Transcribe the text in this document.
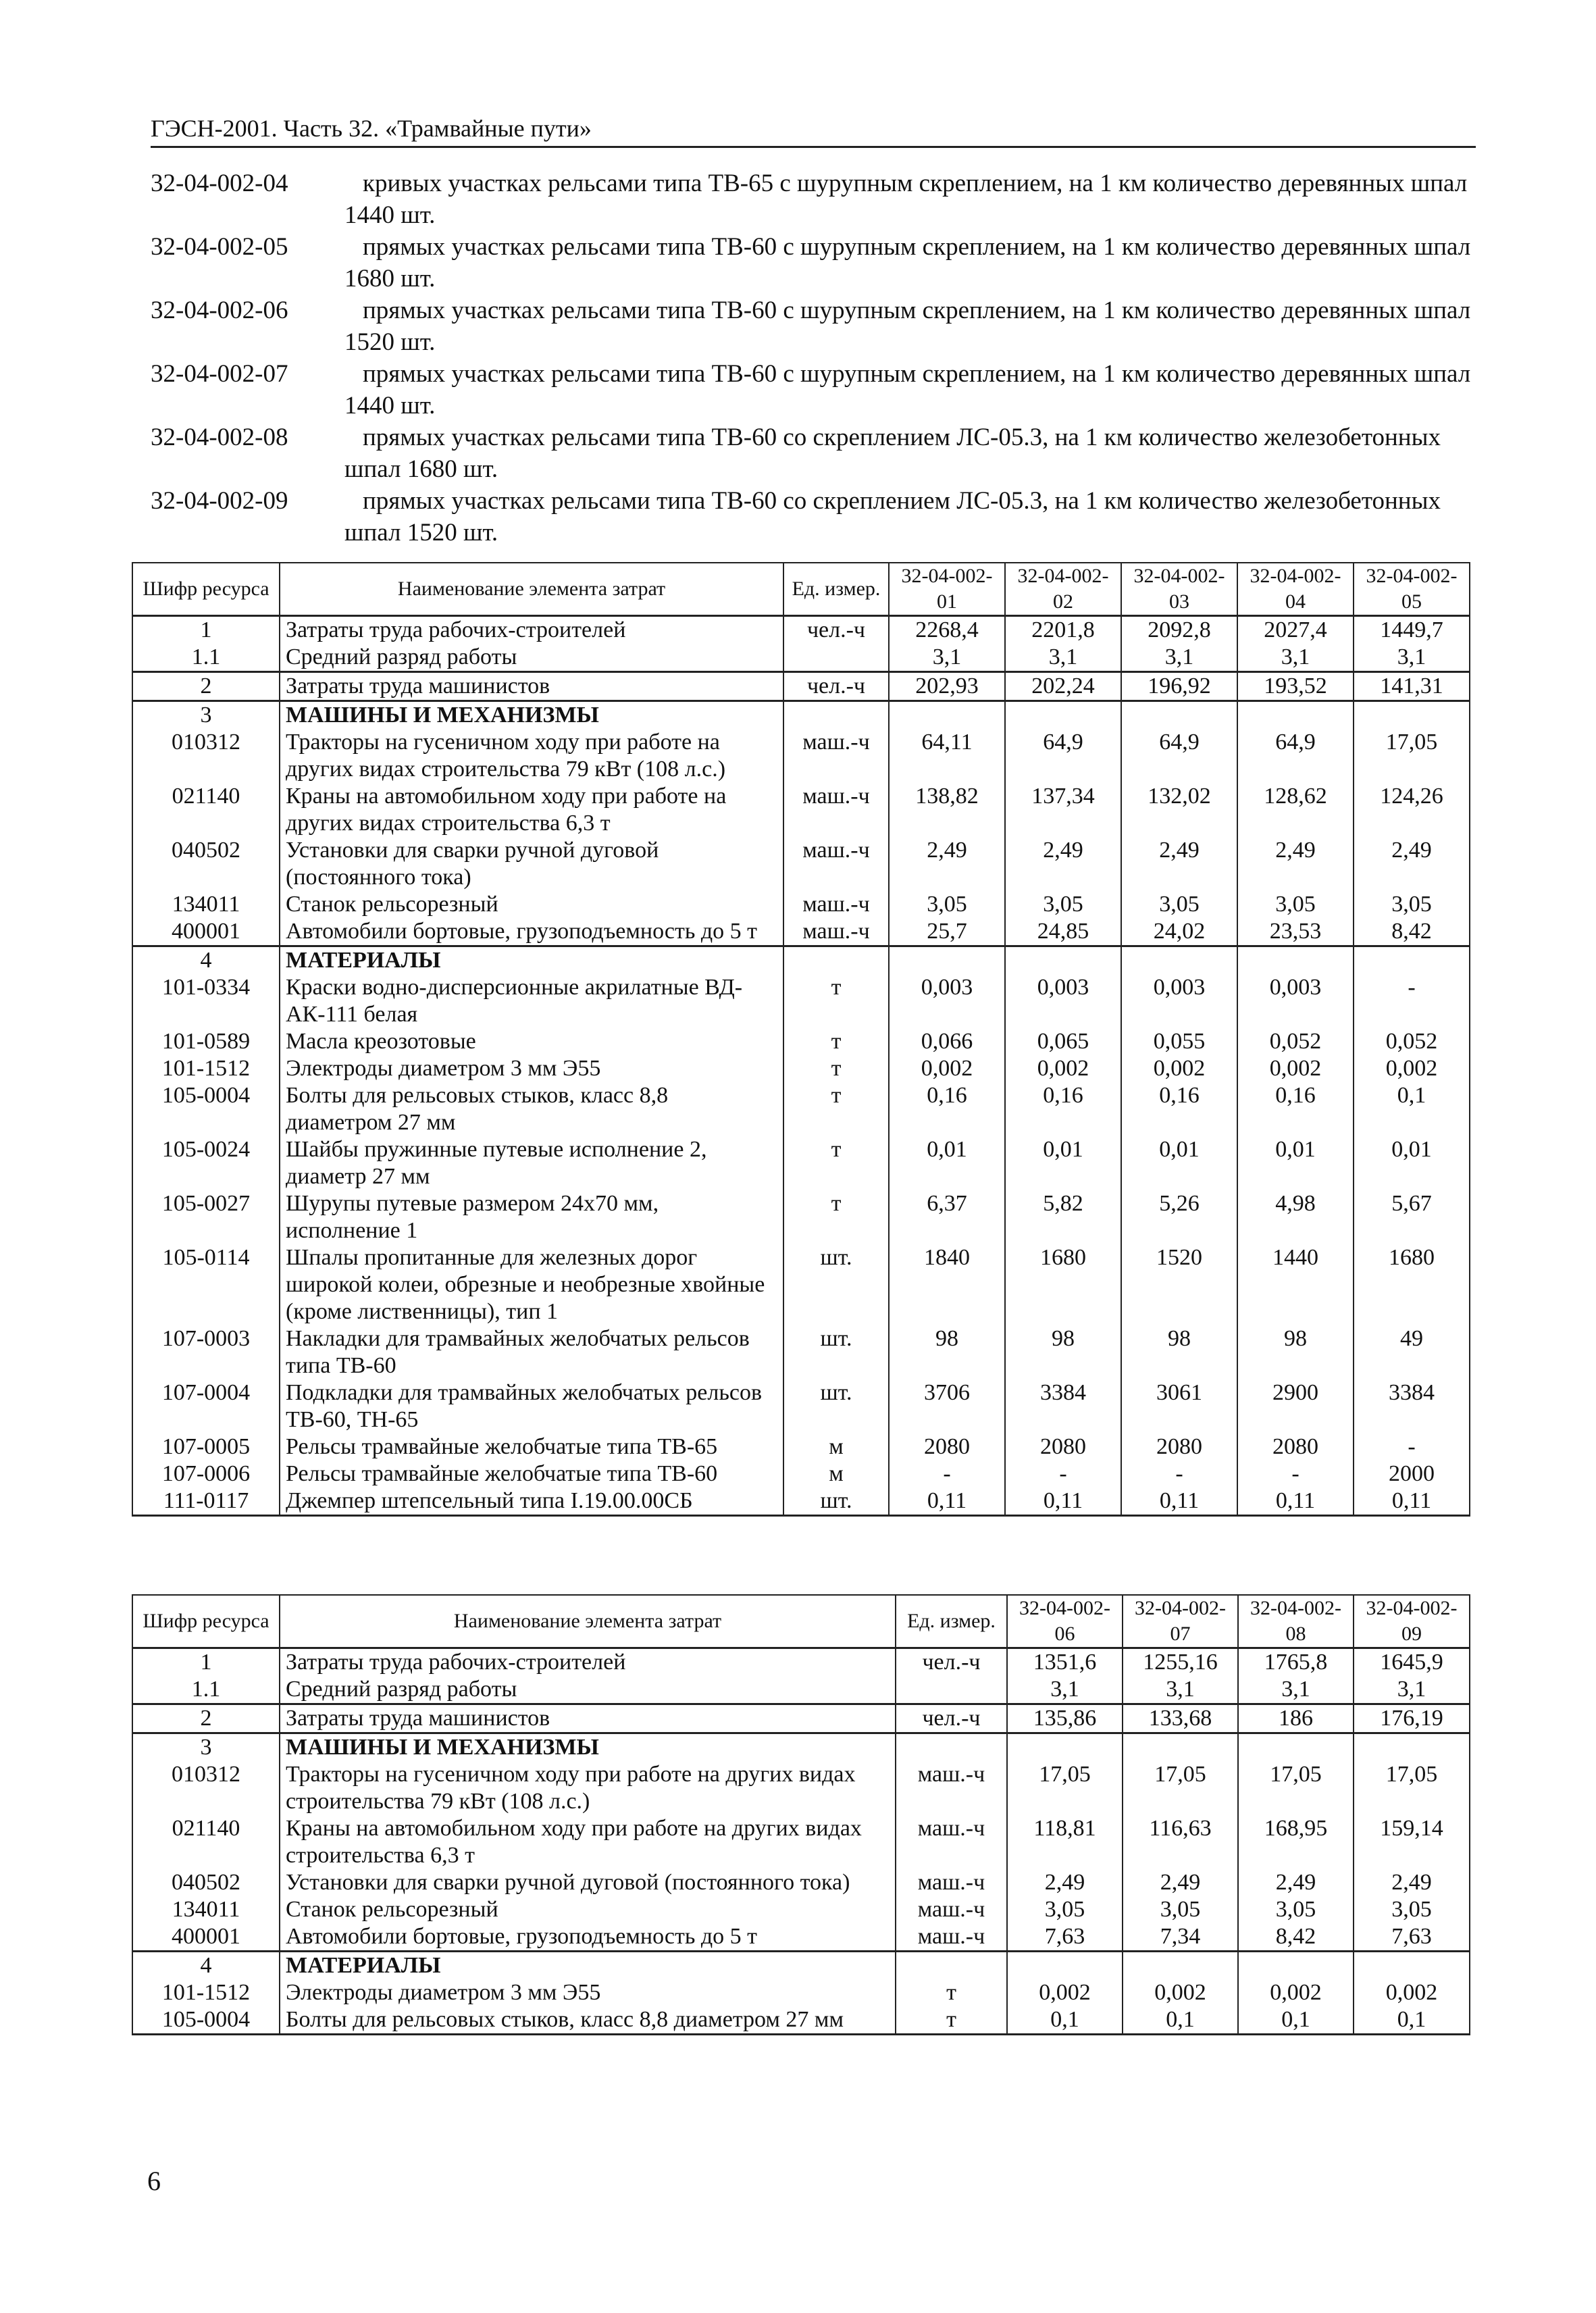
ГЭСН-2001. Часть 32. «Трамвайные пути»
32-04-002-04	кривых участках рельсами типа ТВ-65 с шурупным скреплением, на 1 км количество деревянных шпал 1440 шт.
32-04-002-05	прямых участках рельсами типа ТВ-60 с шурупным скреплением, на 1 км количество деревянных шпал 1680 шт.
32-04-002-06	прямых участках рельсами типа ТВ-60 с шурупным скреплением, на 1 км количество деревянных шпал 1520 шт.
32-04-002-07	прямых участках рельсами типа ТВ-60 с шурупным скреплением, на 1 км количество деревянных шпал 1440 шт.
32-04-002-08	прямых участках рельсами типа ТВ-60 со скреплением ЛС-05.3, на 1 км количество железобетонных шпал 1680 шт.
32-04-002-09	прямых участках рельсами типа ТВ-60 со скреплением ЛС-05.3, на 1 км количество железобетонных шпал 1520 шт.
Шифр ресурса	Наименование элемента затрат	Ед. измер.	32-04-002-01	32-04-002-02	32-04-002-03	32-04-002-04	32-04-002-05
1	Затраты труда рабочих-строителей	чел.-ч	2268,4	2201,8	2092,8	2027,4	1449,7
1.1	Средний разряд работы		3,1	3,1	3,1	3,1	3,1
2	Затраты труда машинистов	чел.-ч	202,93	202,24	196,92	193,52	141,31
3	МАШИНЫ И МЕХАНИЗМЫ						
010312	Тракторы на гусеничном ходу при работе на других видах строительства 79 кВт (108 л.с.)	маш.-ч	64,11	64,9	64,9	64,9	17,05
021140	Краны на автомобильном ходу при работе на других видах строительства 6,3 т	маш.-ч	138,82	137,34	132,02	128,62	124,26
040502	Установки для сварки ручной дуговой (постоянного тока)	маш.-ч	2,49	2,49	2,49	2,49	2,49
134011	Станок рельсорезный	маш.-ч	3,05	3,05	3,05	3,05	3,05
400001	Автомобили бортовые, грузоподъемность до 5 т	маш.-ч	25,7	24,85	24,02	23,53	8,42
4	МАТЕРИАЛЫ						
101-0334	Краски водно-дисперсионные акрилатные ВД-АК-111 белая	т	0,003	0,003	0,003	0,003	-
101-0589	Масла креозотовые	т	0,066	0,065	0,055	0,052	0,052
101-1512	Электроды диаметром 3 мм Э55	т	0,002	0,002	0,002	0,002	0,002
105-0004	Болты для рельсовых стыков, класс 8,8 диаметром 27 мм	т	0,16	0,16	0,16	0,16	0,1
105-0024	Шайбы пружинные путевые исполнение 2, диаметр 27 мм	т	0,01	0,01	0,01	0,01	0,01
105-0027	Шурупы путевые размером 24х70 мм, исполнение 1	т	6,37	5,82	5,26	4,98	5,67
105-0114	Шпалы пропитанные для железных дорог широкой колеи, обрезные и необрезные хвойные (кроме лиственницы), тип 1	шт.	1840	1680	1520	1440	1680
107-0003	Накладки для трамвайных желобчатых рельсов типа ТВ-60	шт.	98	98	98	98	49
107-0004	Подкладки для трамвайных желобчатых рельсов ТВ-60, ТН-65	шт.	3706	3384	3061	2900	3384
107-0005	Рельсы трамвайные желобчатые типа ТВ-65	м	2080	2080	2080	2080	-
107-0006	Рельсы трамвайные желобчатые типа ТВ-60	м	-	-	-	-	2000
111-0117	Джемпер штепсельный типа I.19.00.00СБ	шт.	0,11	0,11	0,11	0,11	0,11
Шифр ресурса	Наименование элемента затрат	Ед. измер.	32-04-002-06	32-04-002-07	32-04-002-08	32-04-002-09
1	Затраты труда рабочих-строителей	чел.-ч	1351,6	1255,16	1765,8	1645,9
1.1	Средний разряд работы		3,1	3,1	3,1	3,1
2	Затраты труда машинистов	чел.-ч	135,86	133,68	186	176,19
3	МАШИНЫ И МЕХАНИЗМЫ					
010312	Тракторы на гусеничном ходу при работе на других видах строительства 79 кВт (108 л.с.)	маш.-ч	17,05	17,05	17,05	17,05
021140	Краны на автомобильном ходу при работе на других видах строительства 6,3 т	маш.-ч	118,81	116,63	168,95	159,14
040502	Установки для сварки ручной дуговой (постоянного тока)	маш.-ч	2,49	2,49	2,49	2,49
134011	Станок рельсорезный	маш.-ч	3,05	3,05	3,05	3,05
400001	Автомобили бортовые, грузоподъемность до 5 т	маш.-ч	7,63	7,34	8,42	7,63
4	МАТЕРИАЛЫ					
101-1512	Электроды диаметром 3 мм Э55	т	0,002	0,002	0,002	0,002
105-0004	Болты для рельсовых стыков, класс 8,8 диаметром 27 мм	т	0,1	0,1	0,1	0,1
6
